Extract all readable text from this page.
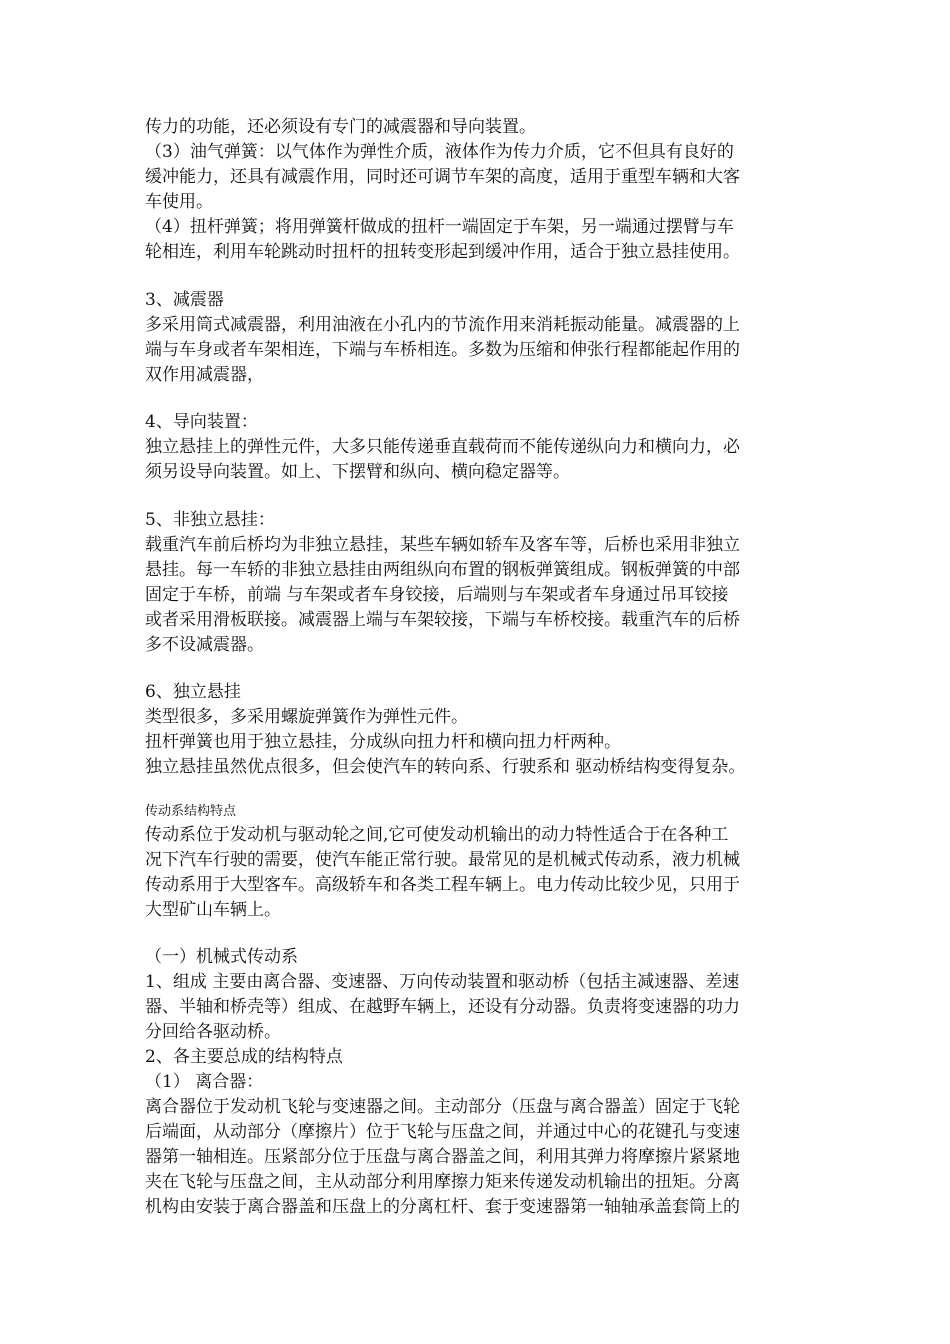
传力的功能，还必须设有专门的减震器和导向装置。
（3）油气弹簧：以气体作为弹性介质，液体作为传力介质，它不但具有良好的
缓冲能力，还具有减震作用，同时还可调节车架的高度，适用于重型车辆和大客
车使用。
（4）扭杆弹簧；将用弹簧杆做成的扭杆一端固定于车架，另一端通过摆臂与车
轮相连，利用车轮跳动时扭杆的扭转变形起到缓冲作用，适合于独立悬挂使用。
3、减震器
多采用筒式减震器，利用油液在小孔内的节流作用来消耗振动能量。减震器的上
端与车身或者车架相连，下端与车桥相连。多数为压缩和伸张行程都能起作用的
双作用减震器，
4、导向装置：
独立悬挂上的弹性元件，大多只能传递垂直载荷而不能传递纵向力和横向力，必
须另设导向装置。如上、下摆臂和纵向、横向稳定器等。
5、非独立悬挂：
载重汽车前后桥均为非独立悬挂，某些车辆如轿车及客车等，后桥也采用非独立
悬挂。每一车轿的非独立悬挂由两组纵向布置的钢板弹簧组成。钢板弹簧的中部
固定于车桥，前端 与车架或者车身铰接，后端则与车架或者车身通过吊耳铰接
或者采用滑板联接。减震器上端与车架较接，下端与车桥校接。载重汽车的后桥
多不设减震器。
6、独立悬挂
类型很多，多采用螺旋弹簧作为弹性元件。
扭杆弹簧也用于独立悬挂，分成纵向扭力杆和横向扭力杆两种。
独立悬挂虽然优点很多，但会使汽车的转向系、行驶系和 驱动桥结构变得复杂。
传动系结构特点
传动系位于发动机与驱动轮之间,它可使发动机输出的动力特性适合于在各种工
况下汽车行驶的需要，使汽车能正常行驶。最常见的是机械式传动系，液力机械
传动系用于大型客车。高级轿车和各类工程车辆上。电力传动比较少见，只用于
大型矿山车辆上。
（一）机械式传动系
1、组成 主要由离合器、变速器、万向传动装置和驱动桥（包括主减速器、差速
器、半轴和桥壳等）组成、在越野车辆上，还设有分动器。负责将变速器的功力
分回给各驱动桥。
2、各主要总成的结构特点
（1） 离合器：
离合器位于发动机飞轮与变速器之间。主动部分（压盘与离合器盖）固定于飞轮
后端面，从动部分（摩擦片）位于飞轮与压盘之间，并通过中心的花键孔与变速
器第一轴相连。压紧部分位于压盘与离合器盖之间，利用其弹力将摩擦片紧紧地
夹在飞轮与压盘之间，主从动部分利用摩擦力矩来传递发动机输出的扭矩。分离
机构由安装于离合器盖和压盘上的分离杠杆、套于变速器第一轴轴承盖套筒上的
